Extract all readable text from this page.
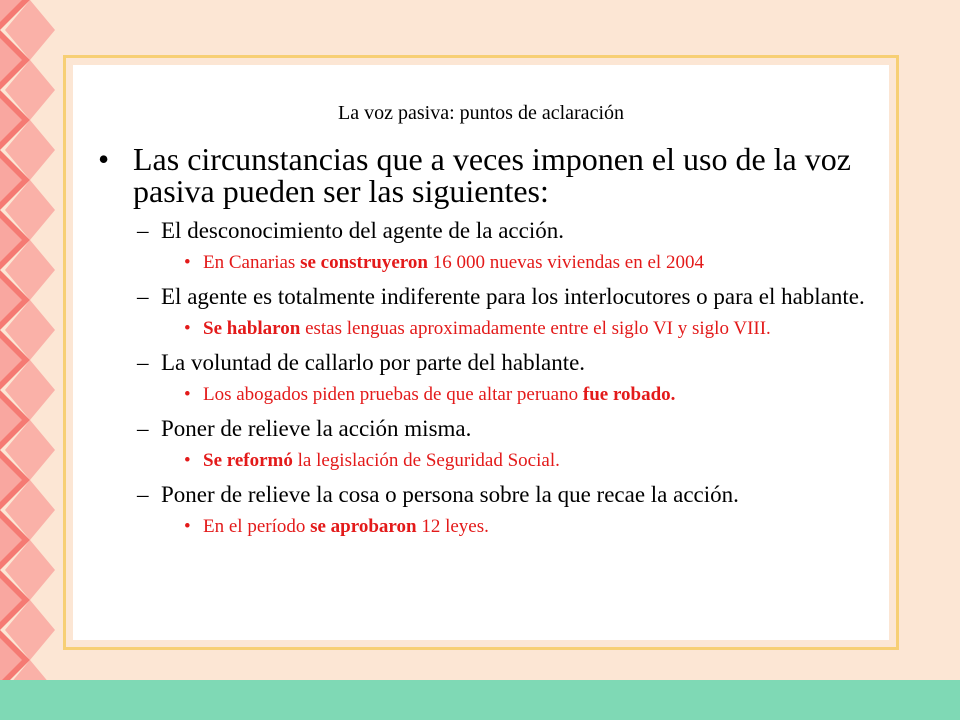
La voz pasiva: puntos de aclaración
• Las circunstancias que a veces imponen el uso de la voz pasiva pueden ser las siguientes:
– El desconocimiento del agente de la acción.
• En Canarias se construyeron 16 000 nuevas viviendas en el 2004
– El agente es totalmente indiferente para los interlocutores o para el hablante.
• Se hablaron estas lenguas aproximadamente entre el siglo VI y siglo VIII.
– La voluntad de callarlo por parte del hablante.
• Los abogados piden pruebas de que altar peruano fue robado.
– Poner de relieve la acción misma.
• Se reformó la legislación de Seguridad Social.
– Poner de relieve la cosa o persona sobre la que recae la acción.
• En el período se aprobaron 12 leyes.
